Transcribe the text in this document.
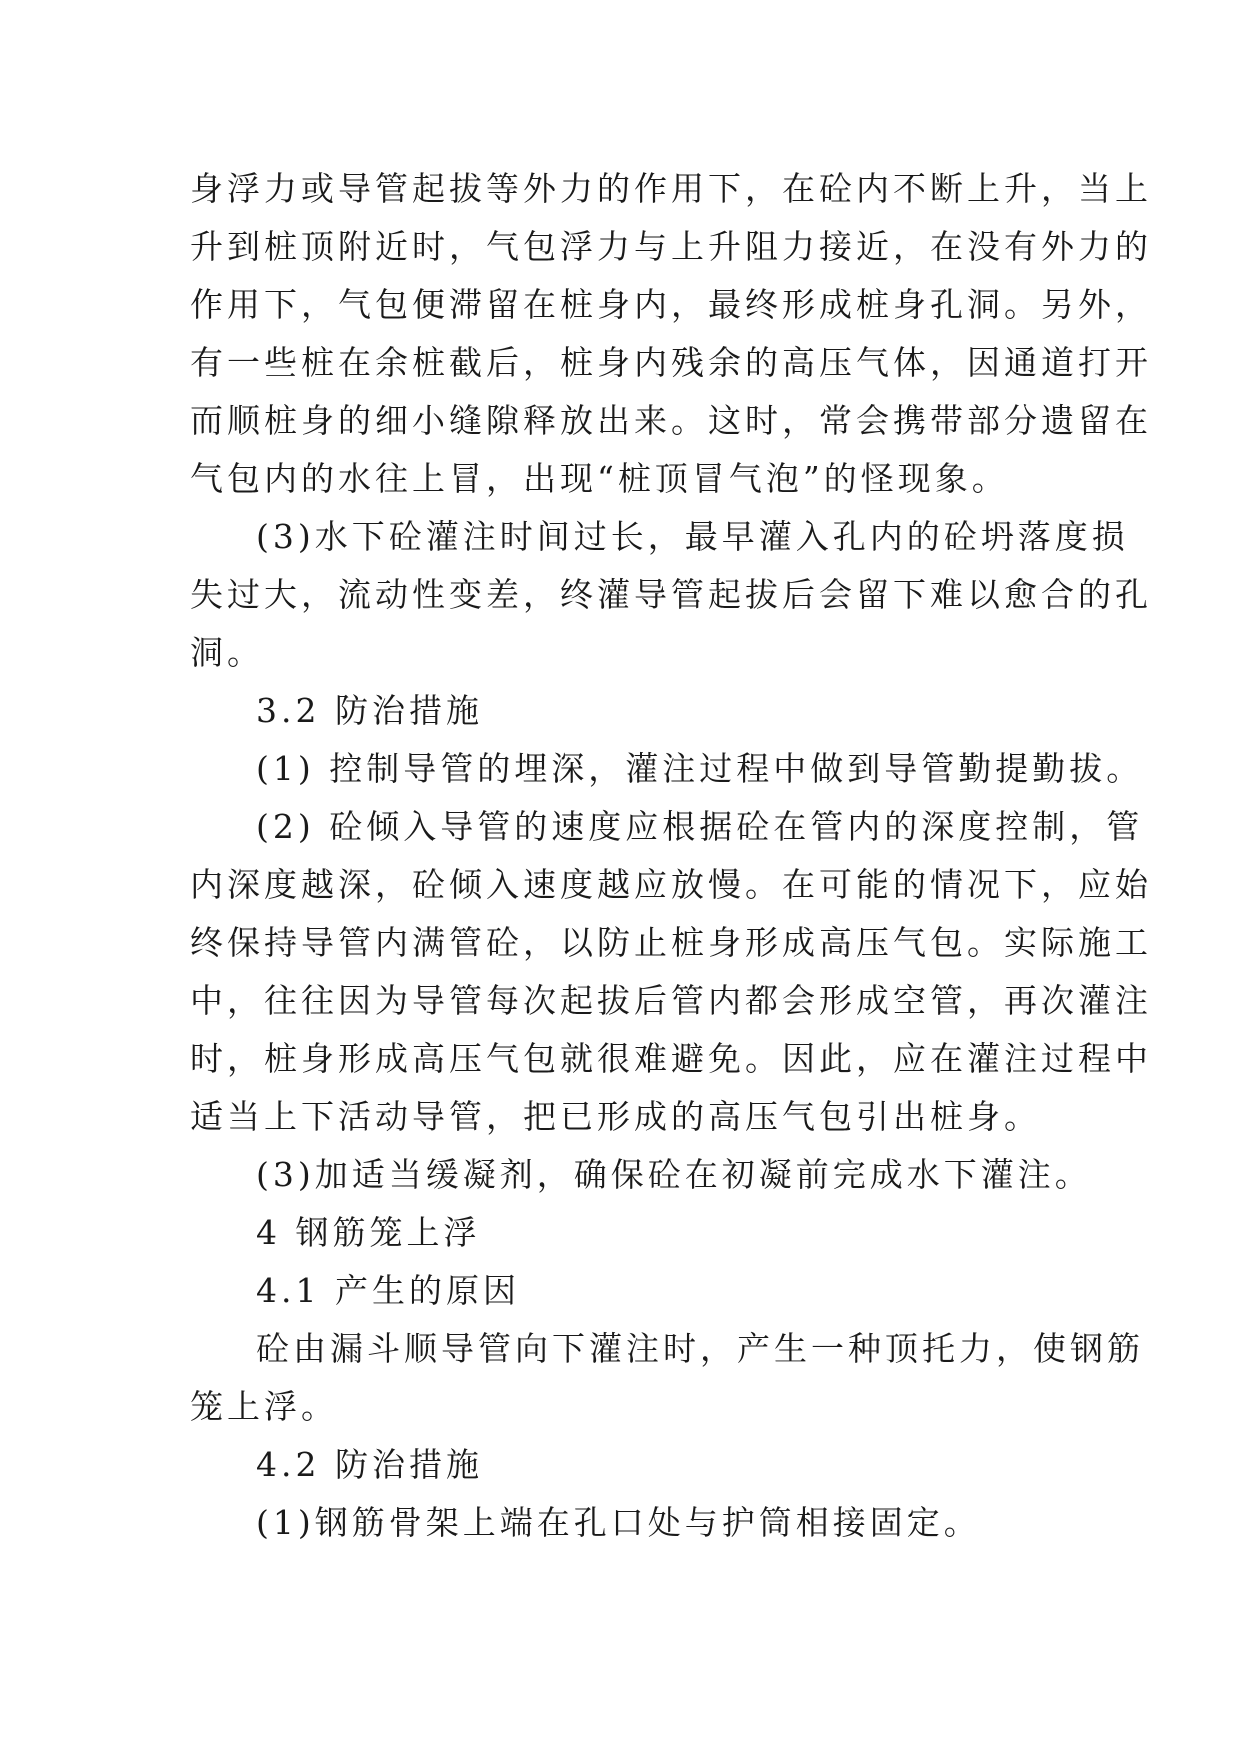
身浮力或导管起拔等外力的作用下，在砼内不断上升，当上
升到桩顶附近时，气包浮力与上升阻力接近，在没有外力的
作用下，气包便滞留在桩身内，最终形成桩身孔洞。另外，
有一些桩在余桩截后，桩身内残余的高压气体，因通道打开
而顺桩身的细小缝隙释放出来。这时，常会携带部分遗留在
气包内的水往上冒，出现“桩顶冒气泡”的怪现象。
(3)水下砼灌注时间过长，最早灌入孔内的砼坍落度损
失过大，流动性变差，终灌导管起拔后会留下难以愈合的孔
洞。
3.2 防治措施
(1) 控制导管的埋深，灌注过程中做到导管勤提勤拔。
(2) 砼倾入导管的速度应根据砼在管内的深度控制，管
内深度越深，砼倾入速度越应放慢。在可能的情况下，应始
终保持导管内满管砼，以防止桩身形成高压气包。实际施工
中，往往因为导管每次起拔后管内都会形成空管，再次灌注
时，桩身形成高压气包就很难避免。因此，应在灌注过程中
适当上下活动导管，把已形成的高压气包引出桩身。
(3)加适当缓凝剂，确保砼在初凝前完成水下灌注。
4 钢筋笼上浮
4.1 产生的原因
砼由漏斗顺导管向下灌注时，产生一种顶托力，使钢筋
笼上浮。
4.2 防治措施
(1)钢筋骨架上端在孔口处与护筒相接固定。
